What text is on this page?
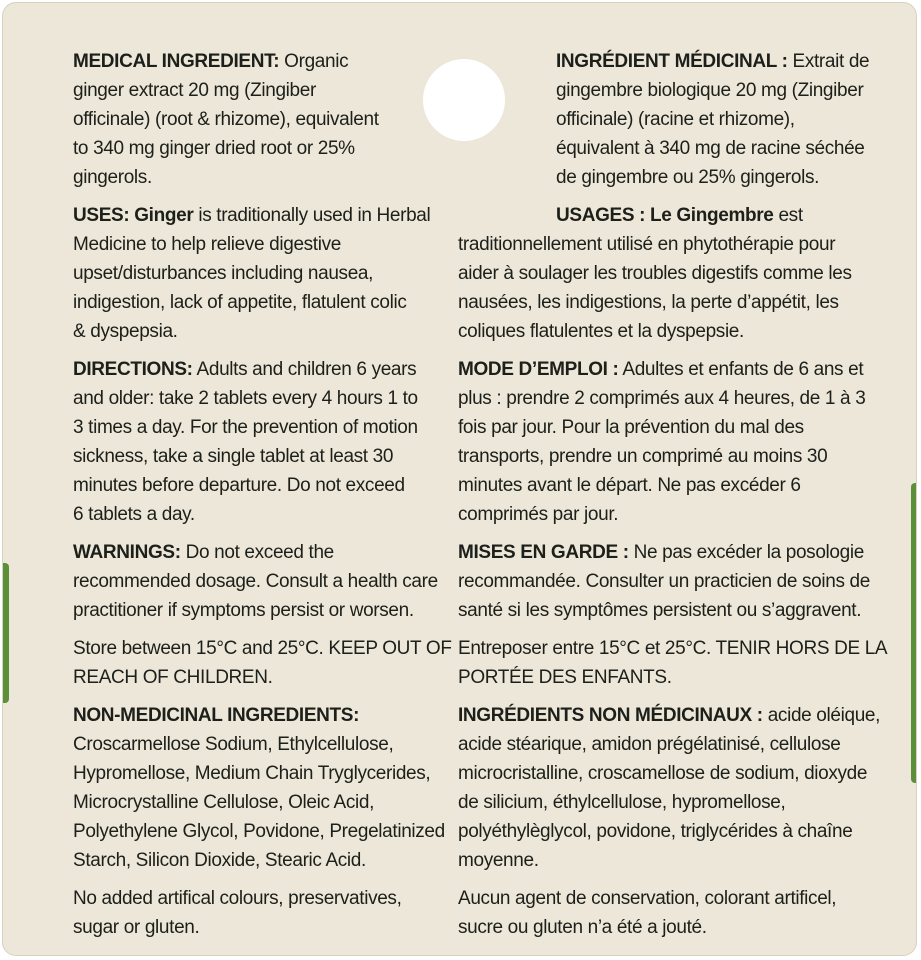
MEDICAL INGREDIENT: Organic
ginger extract 20 mg (Zingiber
officinale) (root & rhizome), equivalent
to 340 mg ginger dried root or 25%
gingerols.

USES: Ginger is traditionally used in Herbal
Medicine to help relieve digestive
upset/disturbances including nausea,
indigestion, lack of appetite, flatulent colic
& dyspepsia.

DIRECTIONS: Adults and children 6 years
and older: take 2 tablets every 4 hours 1 to
3 times a day. For the prevention of motion
sickness, take a single tablet at least 30
minutes before departure. Do not exceed
6 tablets a day.

WARNINGS: Do not exceed the
recommended dosage. Consult a health care
practitioner if symptoms persist or worsen.

Store between 15°C and 25°C. KEEP OUT OF
REACH OF CHILDREN.

NON-MEDICINAL INGREDIENTS:
Croscarmellose Sodium, Ethylcellulose,
Hypromellose, Medium Chain Tryglycerides,
Microcrystalline Cellulose, Oleic Acid,
Polyethylene Glycol, Povidone, Pregelatinized
Starch, Silicon Dioxide, Stearic Acid.

No added artifical colours, preservatives,
sugar or gluten.

INGRÉDIENT MÉDICINAL : Extrait de
gingembre biologique 20 mg (Zingiber
officinale) (racine et rhizome),
équivalent à 340 mg de racine séchée
de gingembre ou 25% gingerols.

USAGES : Le Gingembre est
traditionnellement utilisé en phytothérapie pour
aider à soulager les troubles digestifs comme les
nausées, les indigestions, la perte d’appétit, les
coliques flatulentes et la dyspepsie.

MODE D’EMPLOI : Adultes et enfants de 6 ans et
plus : prendre 2 comprimés aux 4 heures, de 1 à 3
fois par jour. Pour la prévention du mal des
transports, prendre un comprimé au moins 30
minutes avant le départ. Ne pas excéder 6
comprimés par jour.

MISES EN GARDE : Ne pas excéder la posologie
recommandée. Consulter un practicien de soins de
santé si les symptômes persistent ou s’aggravent.

Entreposer entre 15°C et 25°C. TENIR HORS DE LA
PORTÉE DES ENFANTS.

INGRÉDIENTS NON MÉDICINAUX : acide oléique,
acide stéarique, amidon prégélatinisé, cellulose
microcristalline, croscamellose de sodium, dioxyde
de silicium, éthylcellulose, hypromellose,
polyéthylèglycol, povidone, triglycérides à chaîne
moyenne.

Aucun agent de conservation, colorant artificel,
sucre ou gluten n’a été a jouté.
